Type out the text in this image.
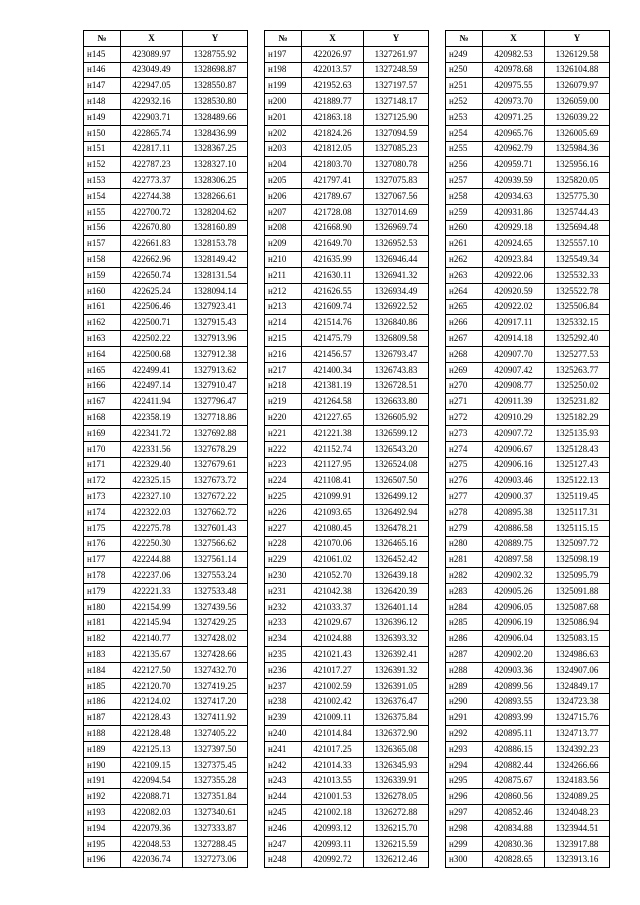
№	X	Y
н145	423089.97	1328755.92
н146	423049.49	1328698.87
н147	422947.05	1328550.87
н148	422932.16	1328530.80
н149	422903.71	1328489.66
н150	422865.74	1328436.99
н151	422817.11	1328367.25
н152	422787.23	1328327.10
н153	422773.37	1328306.25
н154	422744.38	1328266.61
н155	422700.72	1328204.62
н156	422670.80	1328160.89
н157	422661.83	1328153.78
н158	422662.96	1328149.42
н159	422650.74	1328131.54
н160	422625.24	1328094.14
н161	422506.46	1327923.41
н162	422500.71	1327915.43
н163	422502.22	1327913.96
н164	422500.68	1327912.38
н165	422499.41	1327913.62
н166	422497.14	1327910.47
н167	422411.94	1327796.47
н168	422358.19	1327718.86
н169	422341.72	1327692.88
н170	422331.56	1327678.29
н171	422329.40	1327679.61
н172	422325.15	1327673.72
н173	422327.10	1327672.22
н174	422322.03	1327662.72
н175	422275.78	1327601.43
н176	422250.30	1327566.62
н177	422244.88	1327561.14
н178	422237.06	1327553.24
н179	422221.33	1327533.48
н180	422154.99	1327439.56
н181	422145.94	1327429.25
н182	422140.77	1327428.02
н183	422135.67	1327428.66
н184	422127.50	1327432.70
н185	422120.70	1327419.25
н186	422124.02	1327417.20
н187	422128.43	1327411.92
н188	422128.48	1327405.22
н189	422125.13	1327397.50
н190	422109.15	1327375.45
н191	422094.54	1327355.28
н192	422088.71	1327351.84
н193	422082.03	1327340.61
н194	422079.36	1327333.87
н195	422048.53	1327288.45
н196	422036.74	1327273.06
№	X	Y
н197	422026.97	1327261.97
н198	422013.57	1327248.59
н199	421952.63	1327197.57
н200	421889.77	1327148.17
н201	421863.18	1327125.90
н202	421824.26	1327094.59
н203	421812.05	1327085.23
н204	421803.70	1327080.78
н205	421797.41	1327075.83
н206	421789.67	1327067.56
н207	421728.08	1327014.69
н208	421668.90	1326969.74
н209	421649.70	1326952.53
н210	421635.99	1326946.44
н211	421630.11	1326941.32
н212	421626.55	1326934.49
н213	421609.74	1326922.52
н214	421514.76	1326840.86
н215	421475.79	1326809.58
н216	421456.57	1326793.47
н217	421400.34	1326743.83
н218	421381.19	1326728.51
н219	421264.58	1326633.80
н220	421227.65	1326605.92
н221	421221.38	1326599.12
н222	421152.74	1326543.20
н223	421127.95	1326524.08
н224	421108.41	1326507.50
н225	421099.91	1326499.12
н226	421093.65	1326492.94
н227	421080.45	1326478.21
н228	421070.06	1326465.16
н229	421061.02	1326452.42
н230	421052.70	1326439.18
н231	421042.38	1326420.39
н232	421033.37	1326401.14
н233	421029.67	1326396.12
н234	421024.88	1326393.32
н235	421021.43	1326392.41
н236	421017.27	1326391.32
н237	421002.59	1326391.05
н238	421002.42	1326376.47
н239	421009.11	1326375.84
н240	421014.84	1326372.90
н241	421017.25	1326365.08
н242	421014.33	1326345.93
н243	421013.55	1326339.91
н244	421001.53	1326278.05
н245	421002.18	1326272.88
н246	420993.12	1326215.70
н247	420993.11	1326215.59
н248	420992.72	1326212.46
№	X	Y
н249	420982.53	1326129.58
н250	420978.68	1326104.88
н251	420975.55	1326079.97
н252	420973.70	1326059.00
н253	420971.25	1326039.22
н254	420965.76	1326005.69
н255	420962.79	1325984.36
н256	420959.71	1325956.16
н257	420939.59	1325820.05
н258	420934.63	1325775.30
н259	420931.86	1325744.43
н260	420929.18	1325694.48
н261	420924.65	1325557.10
н262	420923.84	1325549.34
н263	420922.06	1325532.33
н264	420920.59	1325522.78
н265	420922.02	1325506.84
н266	420917.11	1325332.15
н267	420914.18	1325292.40
н268	420907.70	1325277.53
н269	420907.42	1325263.77
н270	420908.77	1325250.02
н271	420911.39	1325231.82
н272	420910.29	1325182.29
н273	420907.72	1325135.93
н274	420906.67	1325128.43
н275	420906.16	1325127.43
н276	420903.46	1325122.13
н277	420900.37	1325119.45
н278	420895.38	1325117.31
н279	420886.58	1325115.15
н280	420889.75	1325097.72
н281	420897.58	1325098.19
н282	420902.32	1325095.79
н283	420905.26	1325091.88
н284	420906.05	1325087.68
н285	420906.19	1325086.94
н286	420906.04	1325083.15
н287	420902.20	1324986.63
н288	420903.36	1324907.06
н289	420899.56	1324849.17
н290	420893.55	1324723.38
н291	420893.99	1324715.76
н292	420895.11	1324713.77
н293	420886.15	1324392.23
н294	420882.44	1324266.66
н295	420875.67	1324183.56
н296	420860.56	1324089.25
н297	420852.46	1324048.23
н298	420834.88	1323944.51
н299	420830.36	1323917.88
н300	420828.65	1323913.16
